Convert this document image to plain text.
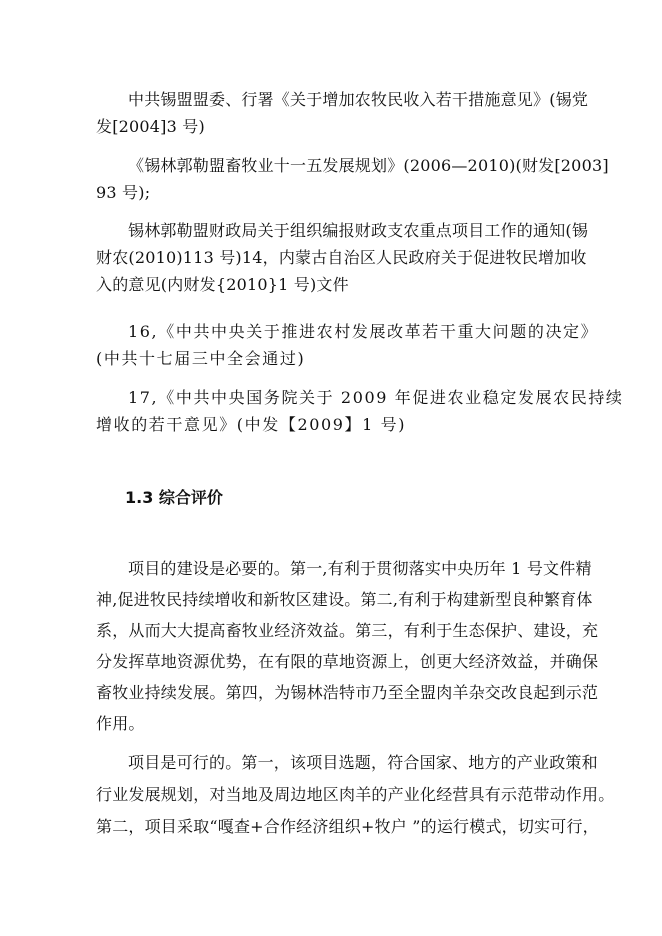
中共锡盟盟委、行署《关于增加农牧民收入若干措施意见》(锡党
发[2004]3 号)

《锡林郭勒盟畜牧业十一五发展规划》(2006—2010)(财发[2003]
93 号);

锡林郭勒盟财政局关于组织编报财政支农重点项目工作的通知(锡
财农(2010)113 号)14，内蒙古自治区人民政府关于促进牧民增加收
入的意见(内财发{2010}1 号)文件

16,《中共中央关于推进农村发展改革若干重大问题的决定》
(中共十七届三中全会通过)

17,《中共中央国务院关于 2009 年促进农业稳定发展农民持续
增收的若干意见》(中发【2009】1 号)

1.3 综合评价

项目的建设是必要的。第一,有利于贯彻落实中央历年 1 号文件精
神,促进牧民持续增收和新牧区建设。第二,有利于构建新型良种繁育体
系，从而大大提高畜牧业经济效益。第三，有利于生态保护、建设，充
分发挥草地资源优势，在有限的草地资源上，创更大经济效益，并确保
畜牧业持续发展。第四，为锡林浩特市乃至全盟肉羊杂交改良起到示范
作用。

项目是可行的。第一，该项目选题，符合国家、地方的产业政策和
行业发展规划，对当地及周边地区肉羊的产业化经营具有示范带动作用。
第二，项目采取“嘎查+合作经济组织+牧户 ”的运行模式，切实可行，
